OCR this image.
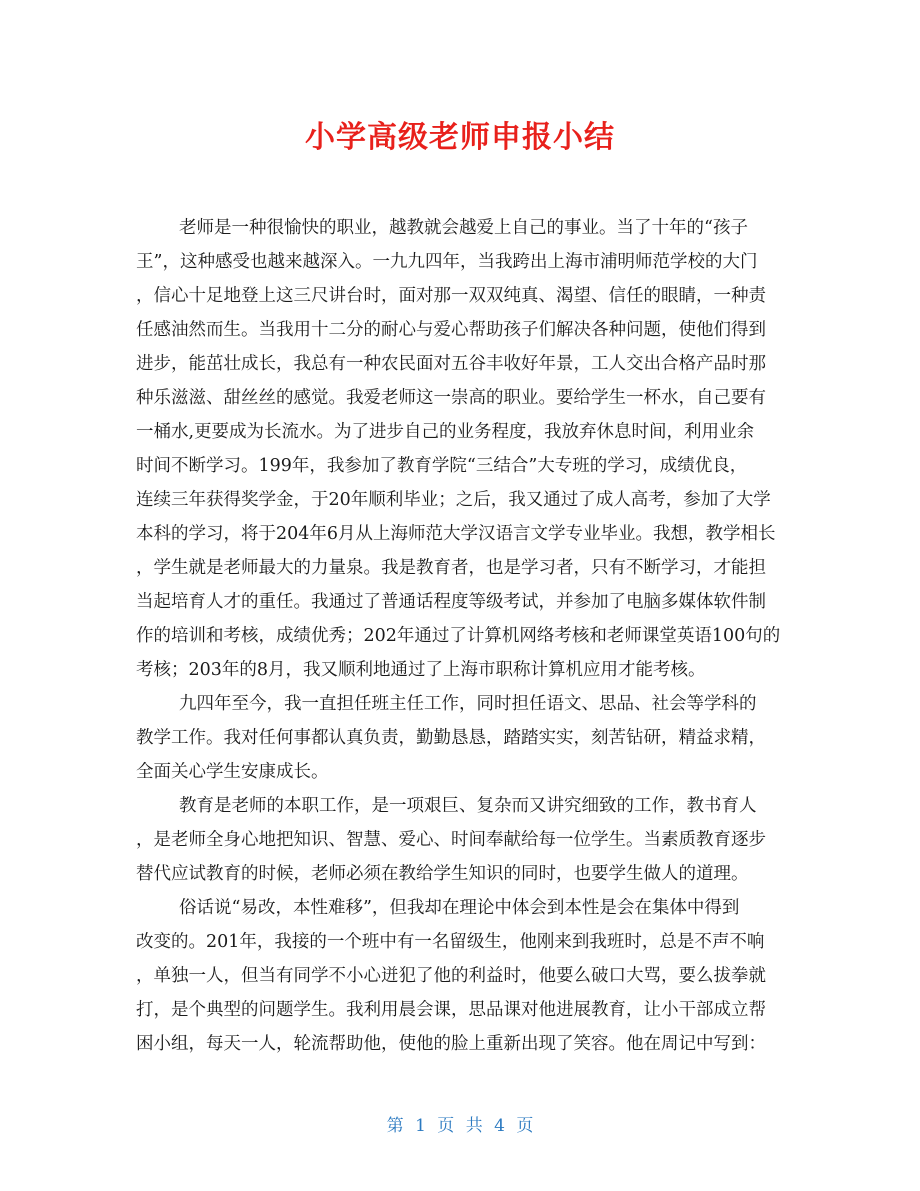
小学高级老师申报小结
老师是一种很愉快的职业，越教就会越爱上自己的事业。当了十年的“孩子
王”，这种感受也越来越深入。一九九四年，当我跨出上海市浦明师范学校的大门
，信心十足地登上这三尺讲台时，面对那一双双纯真、渴望、信任的眼睛，一种责
任感油然而生。当我用十二分的耐心与爱心帮助孩子们解决各种问题，使他们得到
进步，能茁壮成长，我总有一种农民面对五谷丰收好年景，工人交出合格产品时那
种乐滋滋、甜丝丝的感觉。我爱老师这一崇高的职业。要给学生一杯水，自己要有
一桶水,更要成为长流水。为了进步自己的业务程度，我放弃休息时间，利用业余
时间不断学习。199年，我参加了教育学院“三结合”大专班的学习，成绩优良，
连续三年获得奖学金，于20年顺利毕业；之后，我又通过了成人高考，参加了大学
本科的学习，将于204年6月从上海师范大学汉语言文学专业毕业。我想，教学相长
，学生就是老师最大的力量泉。我是教育者，也是学习者，只有不断学习，才能担
当起培育人才的重任。我通过了普通话程度等级考试，并参加了电脑多媒体软件制
作的培训和考核，成绩优秀；202年通过了计算机网络考核和老师课堂英语100句的
考核；203年的8月，我又顺利地通过了上海市职称计算机应用才能考核。
九四年至今，我一直担任班主任工作，同时担任语文、思品、社会等学科的
教学工作。我对任何事都认真负责，勤勤恳恳，踏踏实实，刻苦钻研，精益求精，
全面关心学生安康成长。
教育是老师的本职工作，是一项艰巨、复杂而又讲究细致的工作，教书育人
，是老师全身心地把知识、智慧、爱心、时间奉献给每一位学生。当素质教育逐步
替代应试教育的时候，老师必须在教给学生知识的同时，也要学生做人的道理。
俗话说“易改，本性难移”，但我却在理论中体会到本性是会在集体中得到
改变的。201年，我接的一个班中有一名留级生，他刚来到我班时，总是不声不响
，单独一人，但当有同学不小心迸犯了他的利益时，他要么破口大骂，要么拔拳就
打，是个典型的问题学生。我利用晨会课，思品课对他进展教育，让小干部成立帮
困小组，每天一人，轮流帮助他，使他的脸上重新出现了笑容。他在周记中写到：
第 1 页 共 4 页
